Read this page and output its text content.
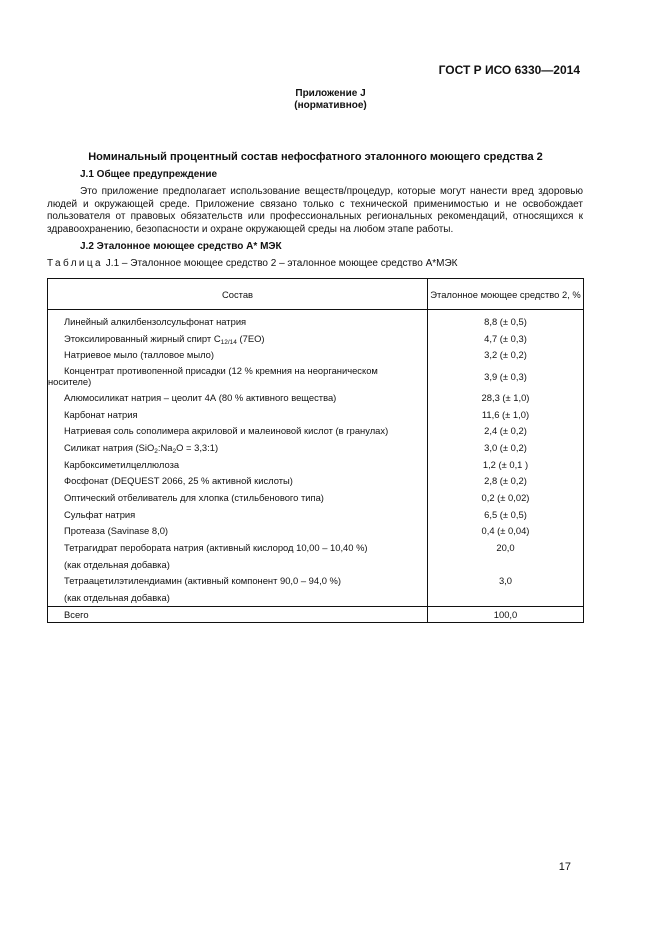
ГОСТ Р ИСО 6330—2014
Приложение J
(нормативное)
Номинальный процентный состав нефосфатного эталонного моющего средства 2
J.1 Общее предупреждение
Это приложение предполагает использование веществ/процедур, которые могут нанести вред здоровью людей и окружающей среде. Приложение связано только с технической применимостью и не освобождает пользователя от правовых обязательств или профессиональных региональных рекомендаций, относящихся к здравоохранению, безопасности и охране окружающей среды на любом этапе работы.
J.2 Эталонное моющее средство А* МЭК
Таблица J.1 – Эталонное моющее средство 2 – эталонное моющее средство А*МЭК
Состав	Эталонное моющее средство 2, %
Линейный алкилбензолсульфонат натрия	8,8 (± 0,5)
Этоксилированный жирный спирт $C_{12/14}$ (7EO)	4,7 (± 0,3)
Натриевое мыло (талловое мыло)	3,2 (± 0,2)

Концентрат противопенной присадки (12 % кремния на неорганическом
носителе)	3,9 (± 0,3)
Алюмосиликат натрия – цеолит 4А (80 % активного вещества)	28,3 (± 1,0)
Карбонат натрия	11,6 (± 1,0)
Натриевая соль сополимера акриловой и малеиновой кислот (в гранулах)	2,4 (± 0,2)
Силикат натрия ($SiO_2:Na_2O$ = 3,3:1)	3,0 (± 0,2)
Карбоксиметилцеллюлоза	1,2 (± 0,1 )
Фосфонат (DEQUEST 2066, 25 % активной кислоты)	2,8 (± 0,2)
Оптический отбеливатель для хлопка (стильбенового типа)	0,2 (± 0,02)
Сульфат натрия	6,5 (± 0,5)
Протеаза (Savinase 8,0)	0,4 (± 0,04)
Тетрагидрат перобората натрия (активный кислород 10,00 – 10,40 %)	20,0
(как отдельная добавка)	
Тетраацетилэтилендиамин (активный компонент 90,0 – 94,0 %)	3,0
(как отдельная добавка)	
Всего	100,0
17
